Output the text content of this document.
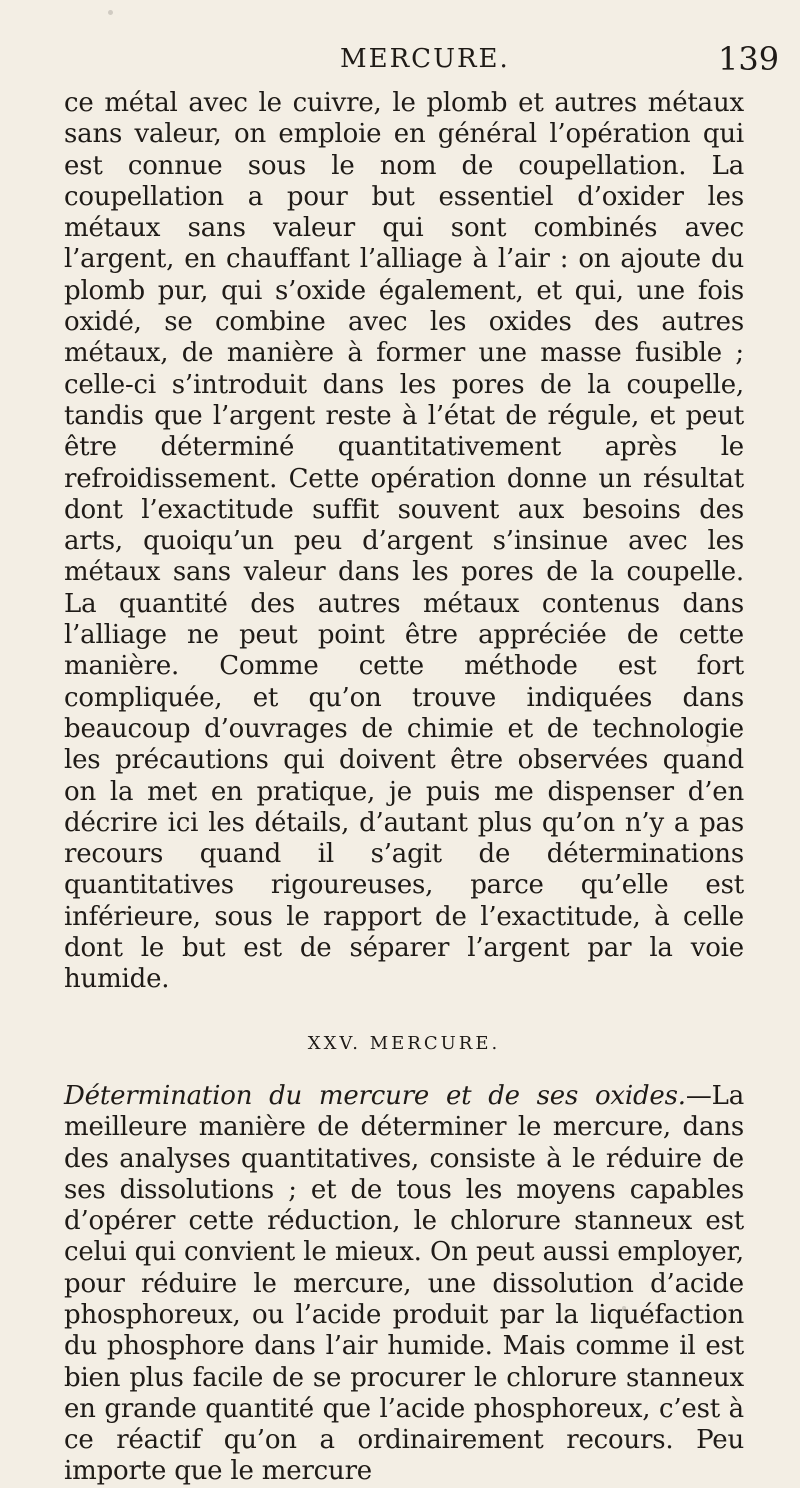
MERCURE.	139

ce métal avec le cuivre, le plomb et autres métaux sans valeur, on emploie en général l’opération qui est connue sous le nom de coupellation. La coupellation a pour but essentiel d’oxider les métaux sans valeur qui sont combinés avec l’argent, en chauffant l’alliage à l’air : on ajoute du plomb pur, qui s’oxide également, et qui, une fois oxidé, se combine avec les oxides des autres métaux, de manière à former une masse fusible ; celle-ci s’introduit dans les pores de la coupelle, tandis que l’argent reste à l’état de régule, et peut être déterminé quantitativement après le refroidissement. Cette opération donne un résultat dont l’exactitude suffit souvent aux besoins des arts, quoiqu’un peu d’argent s’insinue avec les métaux sans valeur dans les pores de la coupelle. La quantité des autres métaux contenus dans l’alliage ne peut point être appréciée de cette manière. Comme cette méthode est fort compliquée, et qu’on trouve indiquées dans beaucoup d’ouvrages de chimie et de technologie les précautions qui doivent être observées quand on la met en pratique, je puis me dispenser d’en décrire ici les détails, d’autant plus qu’on n’y a pas recours quand il s’agit de déterminations quantitatives rigoureuses, parce qu’elle est inférieure, sous le rapport de l’exactitude, à celle dont le but est de séparer l’argent par la voie humide.

XXV. MERCURE.

Détermination du mercure et de ses oxides.—La meilleure manière de déterminer le mercure, dans des analyses quantitatives, consiste à le réduire de ses dissolutions ; et de tous les moyens capables d’opérer cette réduction, le chlorure stanneux est celui qui convient le mieux. On peut aussi employer, pour réduire le mercure, une dissolution d’acide phosphoreux, ou l’acide produit par la liquéfaction du phosphore dans l’air humide. Mais comme il est bien plus facile de se procurer le chlorure stanneux en grande quantité que l’acide phosphoreux, c’est à ce réactif qu’on a ordinairement recours. Peu importe que le mercure
